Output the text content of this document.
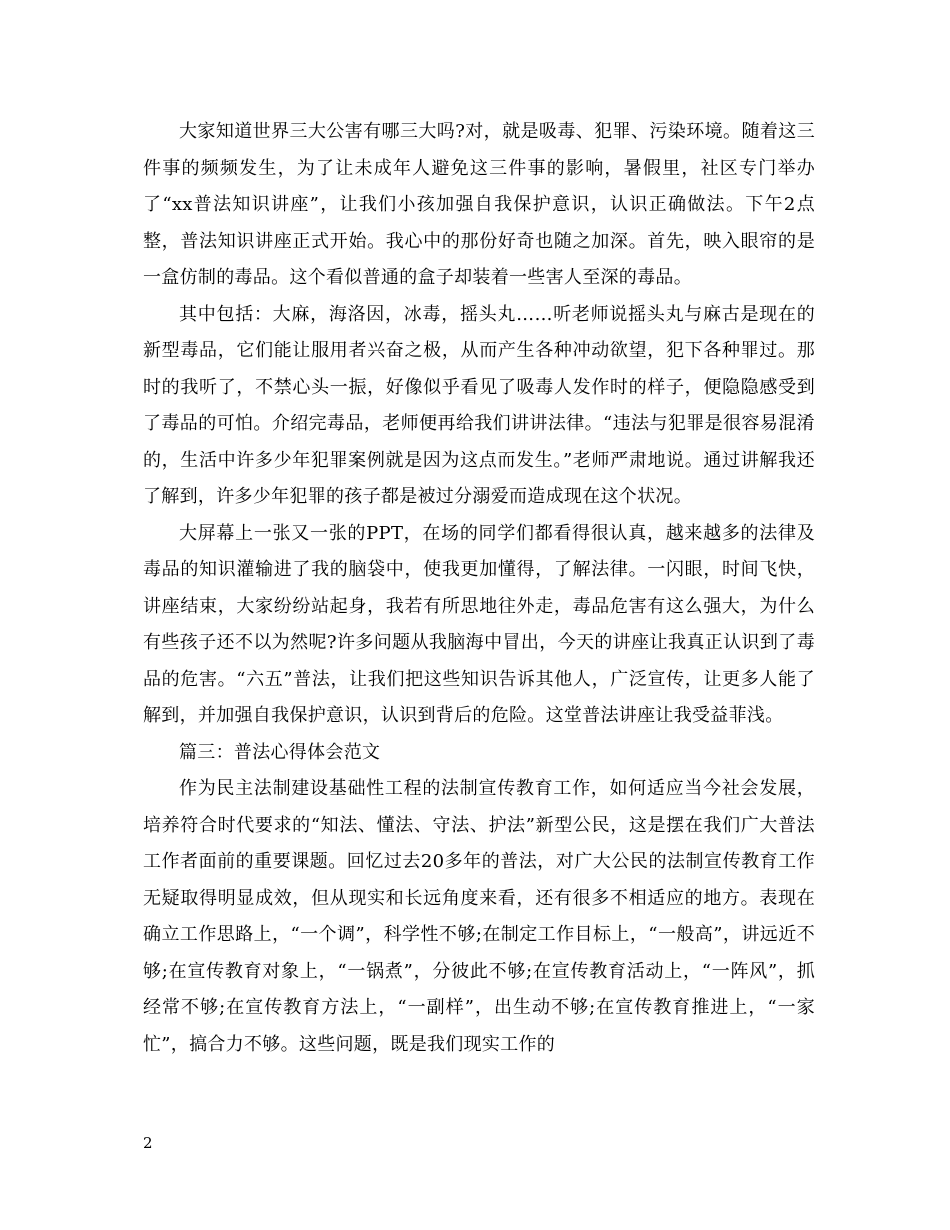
大家知道世界三大公害有哪三大吗?对，就是吸毒、犯罪、污染环境。随着这三件事的频频发生，为了让未成年人避免这三件事的影响，暑假里，社区专门举办了“xx普法知识讲座”，让我们小孩加强自我保护意识，认识正确做法。下午2点整，普法知识讲座正式开始。我心中的那份好奇也随之加深。首先，映入眼帘的是一盒仿制的毒品。这个看似普通的盒子却装着一些害人至深的毒品。

其中包括：大麻，海洛因，冰毒，摇头丸……听老师说摇头丸与麻古是现在的新型毒品，它们能让服用者兴奋之极，从而产生各种冲动欲望，犯下各种罪过。那时的我听了，不禁心头一振，好像似乎看见了吸毒人发作时的样子，便隐隐感受到了毒品的可怕。介绍完毒品，老师便再给我们讲讲法律。“违法与犯罪是很容易混淆的，生活中许多少年犯罪案例就是因为这点而发生。”老师严肃地说。通过讲解我还了解到，许多少年犯罪的孩子都是被过分溺爱而造成现在这个状况。

大屏幕上一张又一张的PPT，在场的同学们都看得很认真，越来越多的法律及毒品的知识灌输进了我的脑袋中，使我更加懂得，了解法律。一闪眼，时间飞快，讲座结束，大家纷纷站起身，我若有所思地往外走，毒品危害有这么强大，为什么有些孩子还不以为然呢?许多问题从我脑海中冒出，今天的讲座让我真正认识到了毒品的危害。“六五”普法，让我们把这些知识告诉其他人，广泛宣传，让更多人能了解到，并加强自我保护意识，认识到背后的危险。这堂普法讲座让我受益菲浅。

篇三：普法心得体会范文

作为民主法制建设基础性工程的法制宣传教育工作，如何适应当今社会发展，培养符合时代要求的“知法、懂法、守法、护法”新型公民，这是摆在我们广大普法工作者面前的重要课题。回忆过去20多年的普法，对广大公民的法制宣传教育工作无疑取得明显成效，但从现实和长远角度来看，还有很多不相适应的地方。表现在确立工作思路上，“一个调”，科学性不够;在制定工作目标上，“一般高”，讲远近不够;在宣传教育对象上，“一锅煮”，分彼此不够;在宣传教育活动上，“一阵风”，抓经常不够;在宣传教育方法上，“一副样”，出生动不够;在宣传教育推进上，“一家忙”，搞合力不够。这些问题，既是我们现实工作的

2
